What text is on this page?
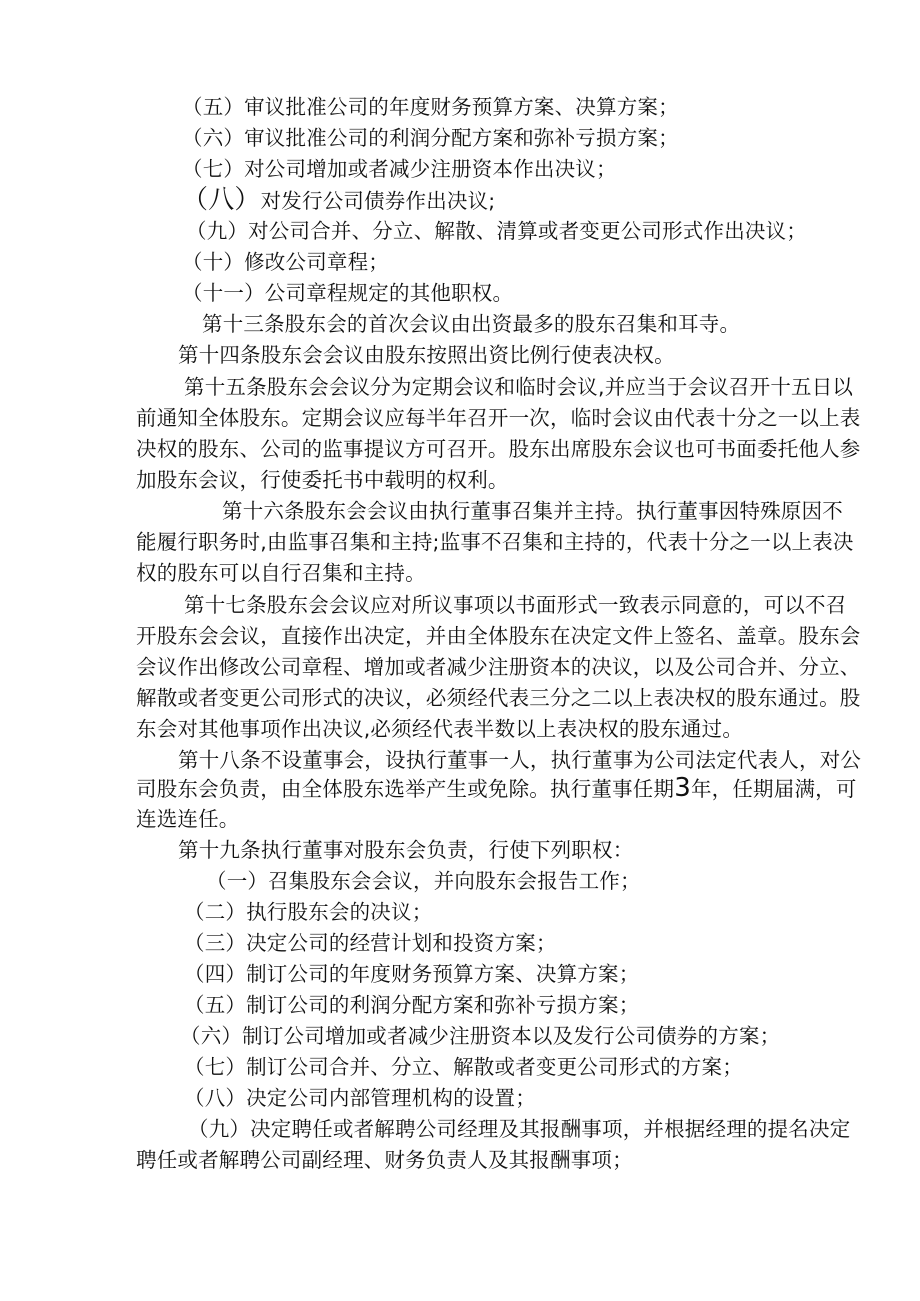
（五）审议批准公司的年度财务预算方案、决算方案；
（六）审议批准公司的利润分配方案和弥补亏损方案；
（七）对公司增加或者减少注册资本作出决议；
（八）对发行公司债券作出决议;
（九）对公司合并、分立、解散、清算或者变更公司形式作出决议；
（十）修改公司章程；
（十一）公司章程规定的其他职权。
第十三条股东会的首次会议由出资最多的股东召集和耳寺。
第十四条股东会会议由股东按照出资比例行使表决权。
第十五条股东会会议分为定期会议和临时会议,并应当于会议召开十五日以
前通知全体股东。定期会议应每半年召开一次，临时会议由代表十分之一以上表
决权的股东、公司的监事提议方可召开。股东出席股东会议也可书面委托他人参
加股东会议，行使委托书中载明的权利。
第十六条股东会会议由执行董事召集并主持。执行董事因特殊原因不
能履行职务时,由监事召集和主持;监事不召集和主持的，代表十分之一以上表决
权的股东可以自行召集和主持。
第十七条股东会会议应对所议事项以书面形式一致表示同意的，可以不召
开股东会会议，直接作出决定，并由全体股东在决定文件上签名、盖章。股东会
会议作出修改公司章程、增加或者减少注册资本的决议，以及公司合并、分立、
解散或者变更公司形式的决议，必须经代表三分之二以上表决权的股东通过。股
东会对其他事项作出决议,必须经代表半数以上表决权的股东通过。
第十八条不设董事会，设执行董事一人，执行董事为公司法定代表人，对公
司股东会负责，由全体股东选举产生或免除。执行董事任期3年，任期届满，可
连选连任。
第十九条执行董事对股东会负责，行使下列职权：
（一）召集股东会会议，并向股东会报告工作；
（二）执行股东会的决议；
（三）决定公司的经营计划和投资方案；
（四）制订公司的年度财务预算方案、决算方案；
（五）制订公司的利润分配方案和弥补亏损方案；
（六）制订公司增加或者减少注册资本以及发行公司债券的方案；
（七）制订公司合并、分立、解散或者变更公司形式的方案；
（八）决定公司内部管理机构的设置；
（九）决定聘任或者解聘公司经理及其报酬事项，并根据经理的提名决定
聘任或者解聘公司副经理、财务负责人及其报酬事项；
